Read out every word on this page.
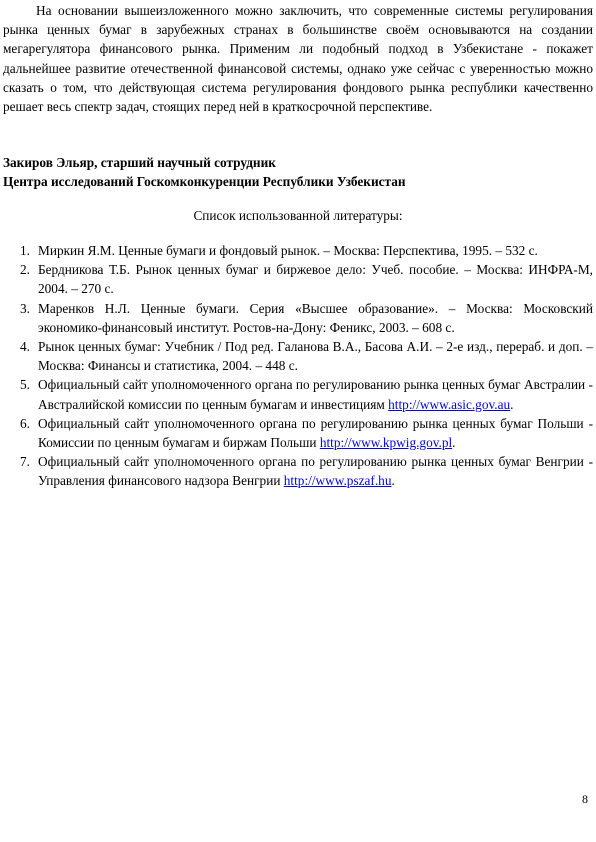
На основании вышеизложенного можно заключить, что современные системы регулирования рынка ценных бумаг в зарубежных странах в большинстве своём основываются на создании мегарегулятора финансового рынка. Применим ли подобный подход в Узбекистане - покажет дальнейшее развитие отечественной финансовой системы, однако уже сейчас с уверенностью можно сказать о том, что действующая система регулирования фондового рынка республики качественно решает весь спектр задач, стоящих перед ней в краткосрочной перспективе.

Закиров Эльяр, старший научный сотрудник
Центра исследований Госкомконкуренции Республики Узбекистан

Список использованной литературы:

1. Миркин Я.М. Ценные бумаги и фондовый рынок. – Москва: Перспектива, 1995. – 532 с.
2. Бердникова Т.Б. Рынок ценных бумаг и биржевое дело: Учеб. пособие. – Москва: ИНФРА-М, 2004. – 270 с.
3. Маренков Н.Л. Ценные бумаги. Серия «Высшее образование». – Москва: Московский экономико-финансовый институт. Ростов-на-Дону: Феникс, 2003. – 608 с.
4. Рынок ценных бумаг: Учебник / Под ред. Галанова В.А., Басова А.И. – 2-е изд., перераб. и доп. – Москва: Финансы и статистика, 2004. – 448 с.
5. Официальный сайт уполномоченного органа по регулированию рынка ценных бумаг Австралии - Австралийской комиссии по ценным бумагам и инвестициям http://www.asic.gov.au.
6. Официальный сайт уполномоченного органа по регулированию рынка ценных бумаг Польши - Комиссии по ценным бумагам и биржам Польши http://www.kpwig.gov.pl.
7. Официальный сайт уполномоченного органа по регулированию рынка ценных бумаг Венгрии - Управления финансового надзора Венгрии http://www.pszaf.hu.

8
